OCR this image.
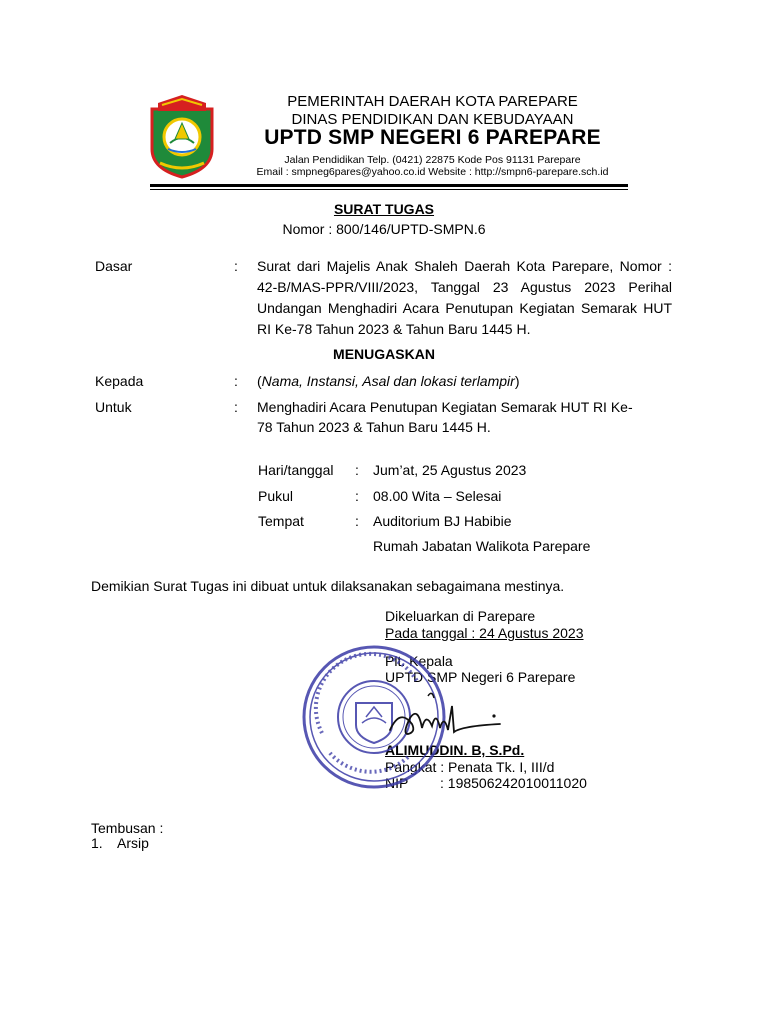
PEMERINTAH DAERAH KOTA PAREPARE
DINAS PENDIDIKAN DAN KEBUDAYAAN
UPTD SMP NEGERI 6 PAREPARE
Jalan Pendidikan Telp. (0421) 22875 Kode Pos 91131 Parepare
Email : smpneg6pares@yahoo.co.id Website : http://smpn6-parepare.sch.id
SURAT TUGAS
Nomor : 800/146/UPTD-SMPN.6
Dasar	: Surat dari Majelis Anak Shaleh Daerah Kota Parepare, Nomor : 42-B/MAS-PPR/VIII/2023, Tanggal 23 Agustus 2023 Perihal Undangan Menghadiri Acara Penutupan Kegiatan Semarak HUT RI Ke-78 Tahun 2023 & Tahun Baru 1445 H.
MENUGASKAN
Kepada	: (Nama, Instansi, Asal dan lokasi terlampir)
Untuk	: Menghadiri Acara Penutupan Kegiatan Semarak HUT RI Ke-
78 Tahun 2023 & Tahun Baru 1445 H.
Hari/tanggal : Jum’at, 25 Agustus 2023
Pukul	: 08.00 Wita – Selesai
Tempat	: Auditorium BJ Habibie
Rumah Jabatan Walikota Parepare
Demikian Surat Tugas ini dibuat untuk dilaksanakan sebagaimana mestinya.
Dikeluarkan di Parepare
Pada tanggal : 24 Agustus 2023
Plt. Kepala
UPTD SMP Negeri 6 Parepare
ALIMUDDIN. B, S.Pd.
Pangkat : Penata Tk. I, III/d
NIP : 198506242010011020
Tembusan :
1. Arsip
